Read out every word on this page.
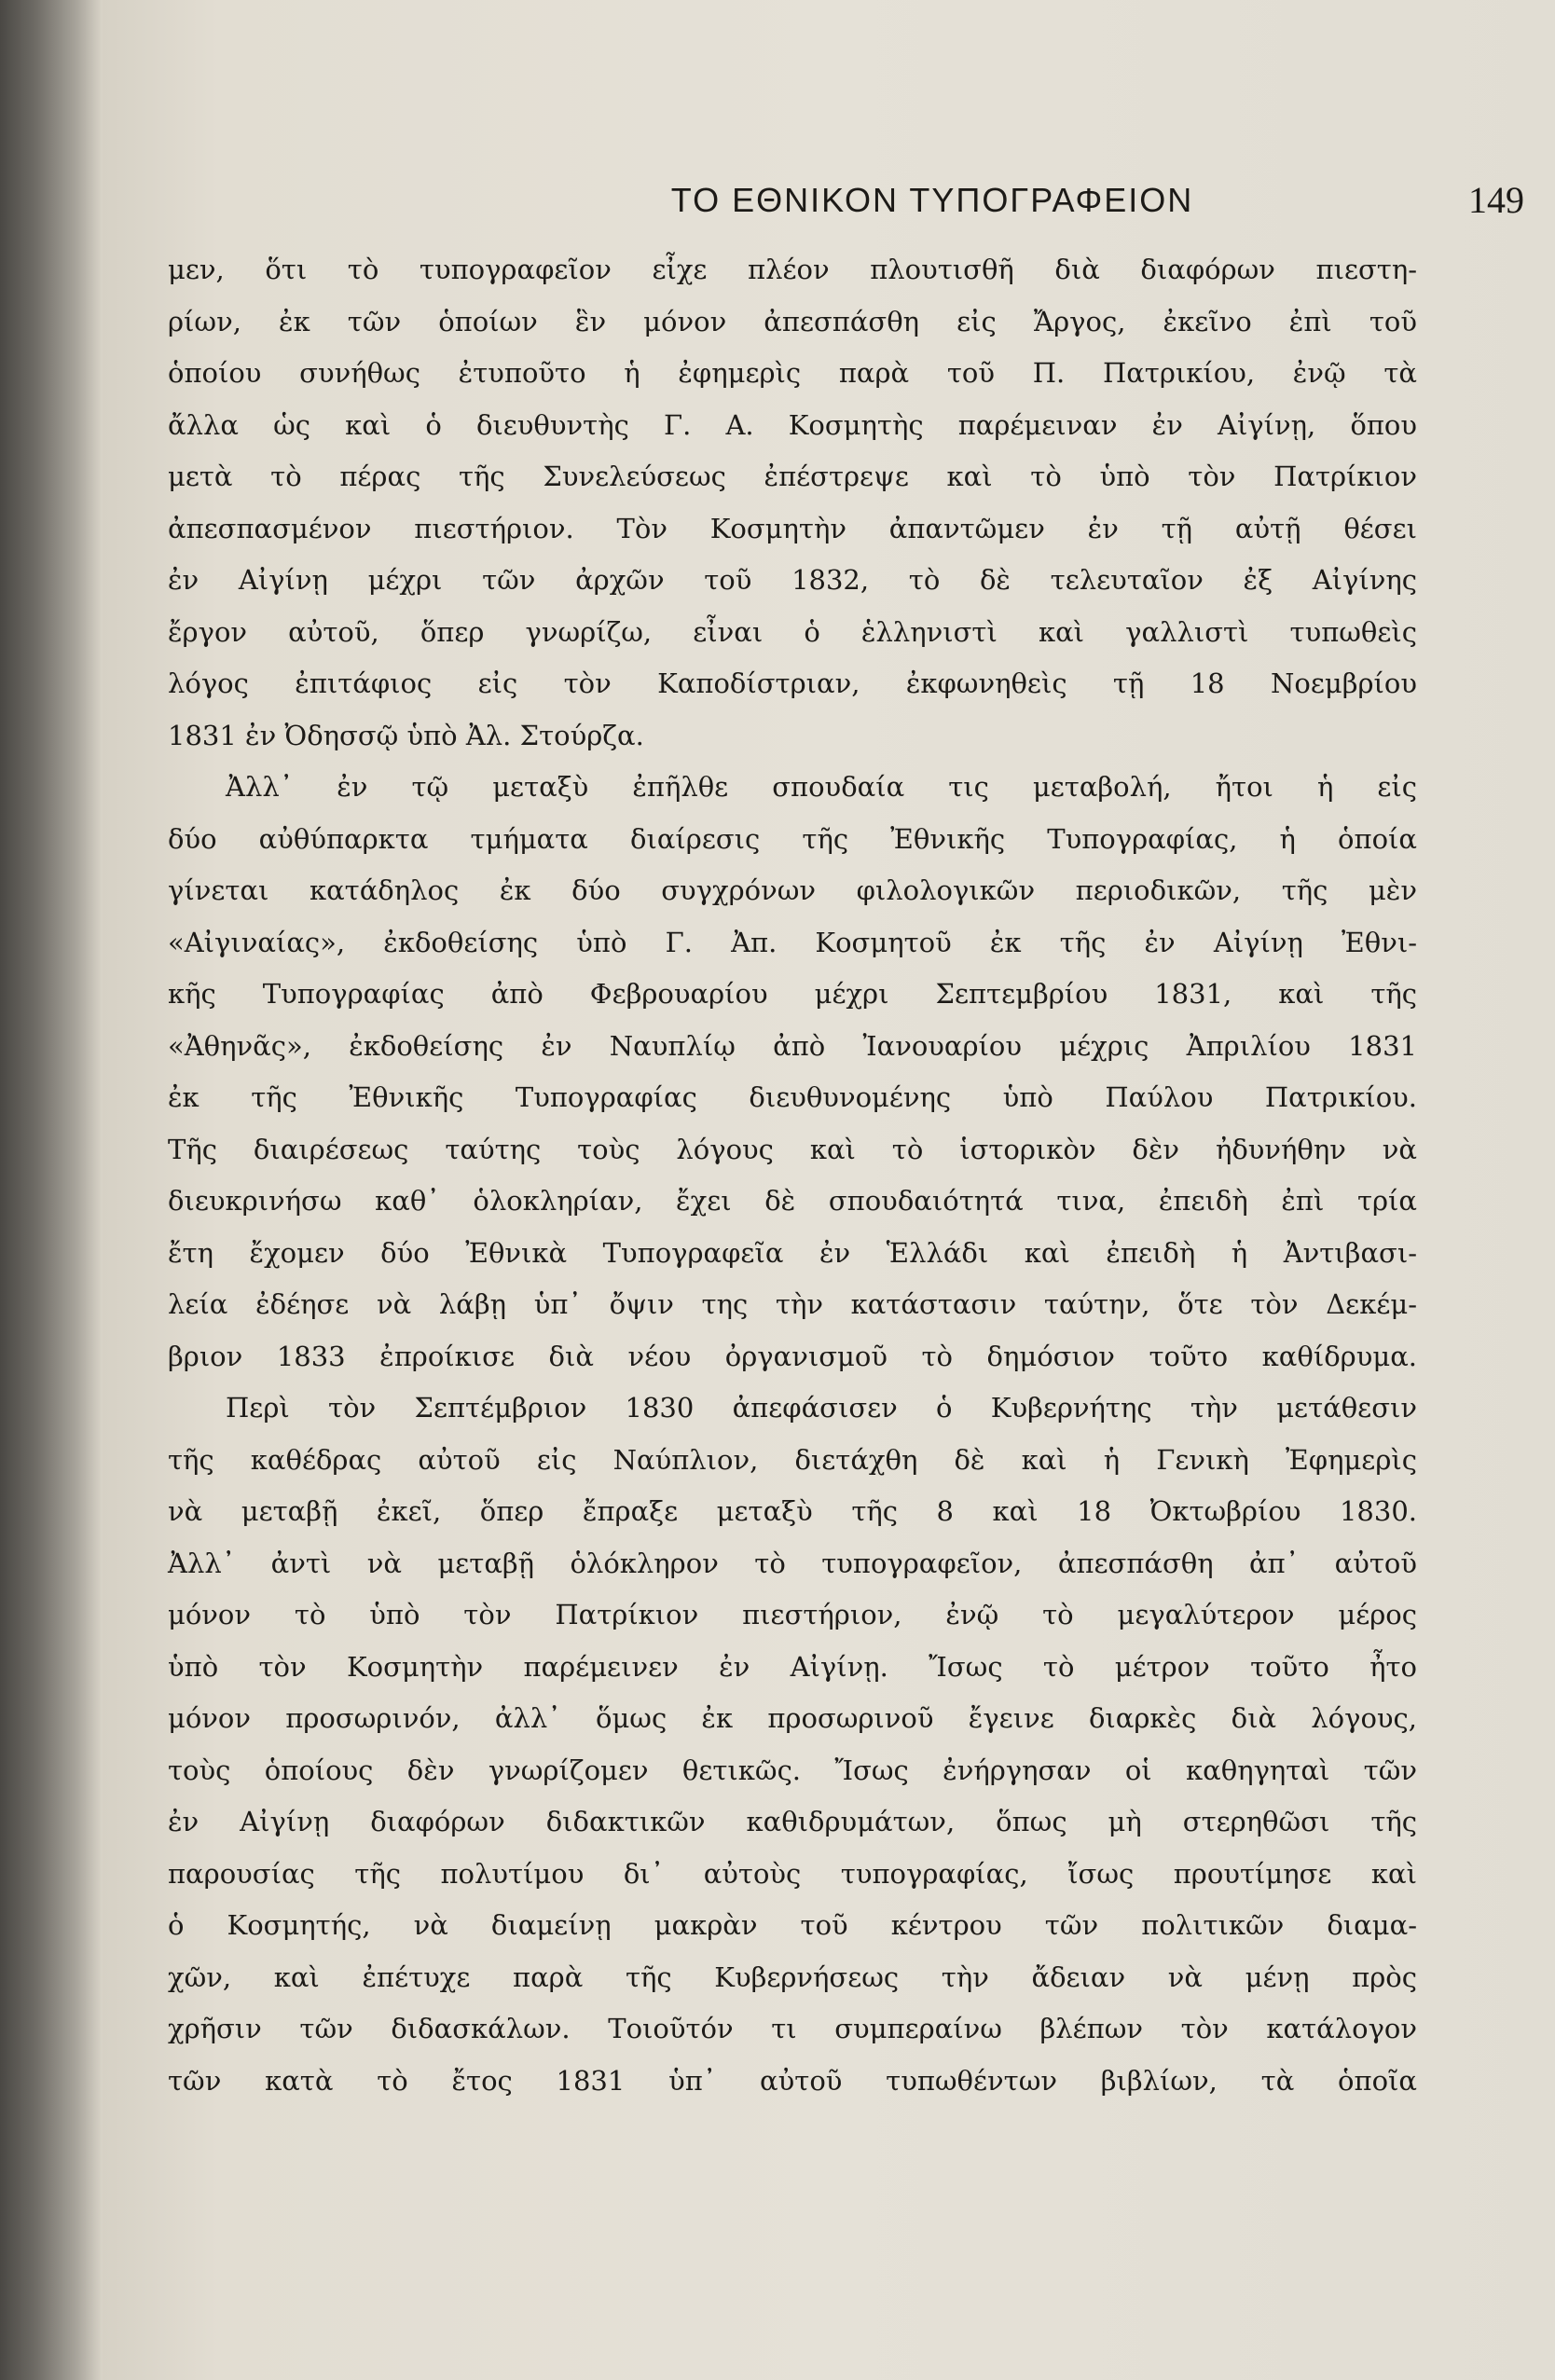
ΤΟ ΕΘΝΙΚΟΝ ΤΥΠΟΓΡΑΦΕΙΟΝ	149
μεν, ὅτι τὸ τυπογραφεῖον εἶχε πλέον πλουτισθῆ διὰ διαφόρων πιεστη-
ρίων, ἐκ τῶν ὁποίων ἓν μόνον ἀπεσπάσθη εἰς Ἄργος, ἐκεῖνο ἐπὶ τοῦ
ὁποίου συνήθως ἐτυποῦτο ἡ ἐφημερὶς παρὰ τοῦ Π. Πατρικίου, ἐνῷ τὰ
ἄλλα ὡς καὶ ὁ διευθυντὴς Γ. Α. Κοσμητὴς παρέμειναν ἐν Αἰγίνῃ, ὅπου
μετὰ τὸ πέρας τῆς Συνελεύσεως ἐπέστρεψε καὶ τὸ ὑπὸ τὸν Πατρίκιον
ἀπεσπασμένον πιεστήριον. Τὸν Κοσμητὴν ἀπαντῶμεν ἐν τῇ αὐτῇ θέσει
ἐν Αἰγίνῃ μέχρι τῶν ἀρχῶν τοῦ 1832, τὸ δὲ τελευταῖον ἐξ Αἰγίνης
ἔργον αὐτοῦ, ὅπερ γνωρίζω, εἶναι ὁ ἑλληνιστὶ καὶ γαλλιστὶ τυπωθεὶς
λόγος ἐπιτάφιος εἰς τὸν Καποδίστριαν, ἐκφωνηθεὶς τῇ 18 Νοεμβρίου
1831 ἐν Ὀδησσῷ ὑπὸ Ἀλ. Στούρζα.
Ἀλλ᾿ ἐν τῷ μεταξὺ ἐπῆλθε σπουδαία τις μεταβολή, ἤτοι ἡ εἰς
δύο αὐθύπαρκτα τμήματα διαίρεσις τῆς Ἐθνικῆς Τυπογραφίας, ἡ ὁποία
γίνεται κατάδηλος ἐκ δύο συγχρόνων φιλολογικῶν περιοδικῶν, τῆς μὲν
«Αἰγιναίας», ἐκδοθείσης ὑπὸ Γ. Ἀπ. Κοσμητοῦ ἐκ τῆς ἐν Αἰγίνῃ Ἐθνι-
κῆς Τυπογραφίας ἀπὸ Φεβρουαρίου μέχρι Σεπτεμβρίου 1831, καὶ τῆς
«Ἀθηνᾶς», ἐκδοθείσης ἐν Ναυπλίῳ ἀπὸ Ἰανουαρίου μέχρις Ἀπριλίου 1831
ἐκ τῆς Ἐθνικῆς Τυπογραφίας διευθυνομένης ὑπὸ Παύλου Πατρικίου.
Τῆς διαιρέσεως ταύτης τοὺς λόγους καὶ τὸ ἱστορικὸν δὲν ἠδυνήθην νὰ
διευκρινήσω καθ᾿ ὁλοκληρίαν, ἔχει δὲ σπουδαιότητά τινα, ἐπειδὴ ἐπὶ τρία
ἔτη ἔχομεν δύο Ἐθνικὰ Τυπογραφεῖα ἐν Ἑλλάδι καὶ ἐπειδὴ ἡ Ἀντιβασι-
λεία ἐδέησε νὰ λάβῃ ὑπ᾿ ὄψιν της τὴν κατάστασιν ταύτην, ὅτε τὸν Δεκέμ-
βριον 1833 ἐπροίκισε διὰ νέου ὀργανισμοῦ τὸ δημόσιον τοῦτο καθίδρυμα.
Περὶ τὸν Σεπτέμβριον 1830 ἀπεφάσισεν ὁ Κυβερνήτης τὴν μετάθεσιν
τῆς καθέδρας αὐτοῦ εἰς Ναύπλιον, διετάχθη δὲ καὶ ἡ Γενικὴ Ἐφημερὶς
νὰ μεταβῇ ἐκεῖ, ὅπερ ἔπραξε μεταξὺ τῆς 8 καὶ 18 Ὀκτωβρίου 1830.
Ἀλλ᾿ ἀντὶ νὰ μεταβῇ ὁλόκληρον τὸ τυπογραφεῖον, ἀπεσπάσθη ἀπ᾿ αὐτοῦ
μόνον τὸ ὑπὸ τὸν Πατρίκιον πιεστήριον, ἐνῷ τὸ μεγαλύτερον μέρος
ὑπὸ τὸν Κοσμητὴν παρέμεινεν ἐν Αἰγίνῃ. Ἴσως τὸ μέτρον τοῦτο ἦτο
μόνον προσωρινόν, ἀλλ᾿ ὅμως ἐκ προσωρινοῦ ἔγεινε διαρκὲς διὰ λόγους,
τοὺς ὁποίους δὲν γνωρίζομεν θετικῶς. Ἴσως ἐνήργησαν οἱ καθηγηταὶ τῶν
ἐν Αἰγίνῃ διαφόρων διδακτικῶν καθιδρυμάτων, ὅπως μὴ στερηθῶσι τῆς
παρουσίας τῆς πολυτίμου δι᾿ αὐτοὺς τυπογραφίας, ἴσως προυτίμησε καὶ
ὁ Κοσμητής, νὰ διαμείνῃ μακρὰν τοῦ κέντρου τῶν πολιτικῶν διαμα-
χῶν, καὶ ἐπέτυχε παρὰ τῆς Κυβερνήσεως τὴν ἄδειαν νὰ μένῃ πρὸς
χρῆσιν τῶν διδασκάλων. Τοιοῦτόν τι συμπεραίνω βλέπων τὸν κατάλογον
τῶν κατὰ τὸ ἔτος 1831 ὑπ᾿ αὐτοῦ τυπωθέντων βιβλίων, τὰ ὁποῖα
